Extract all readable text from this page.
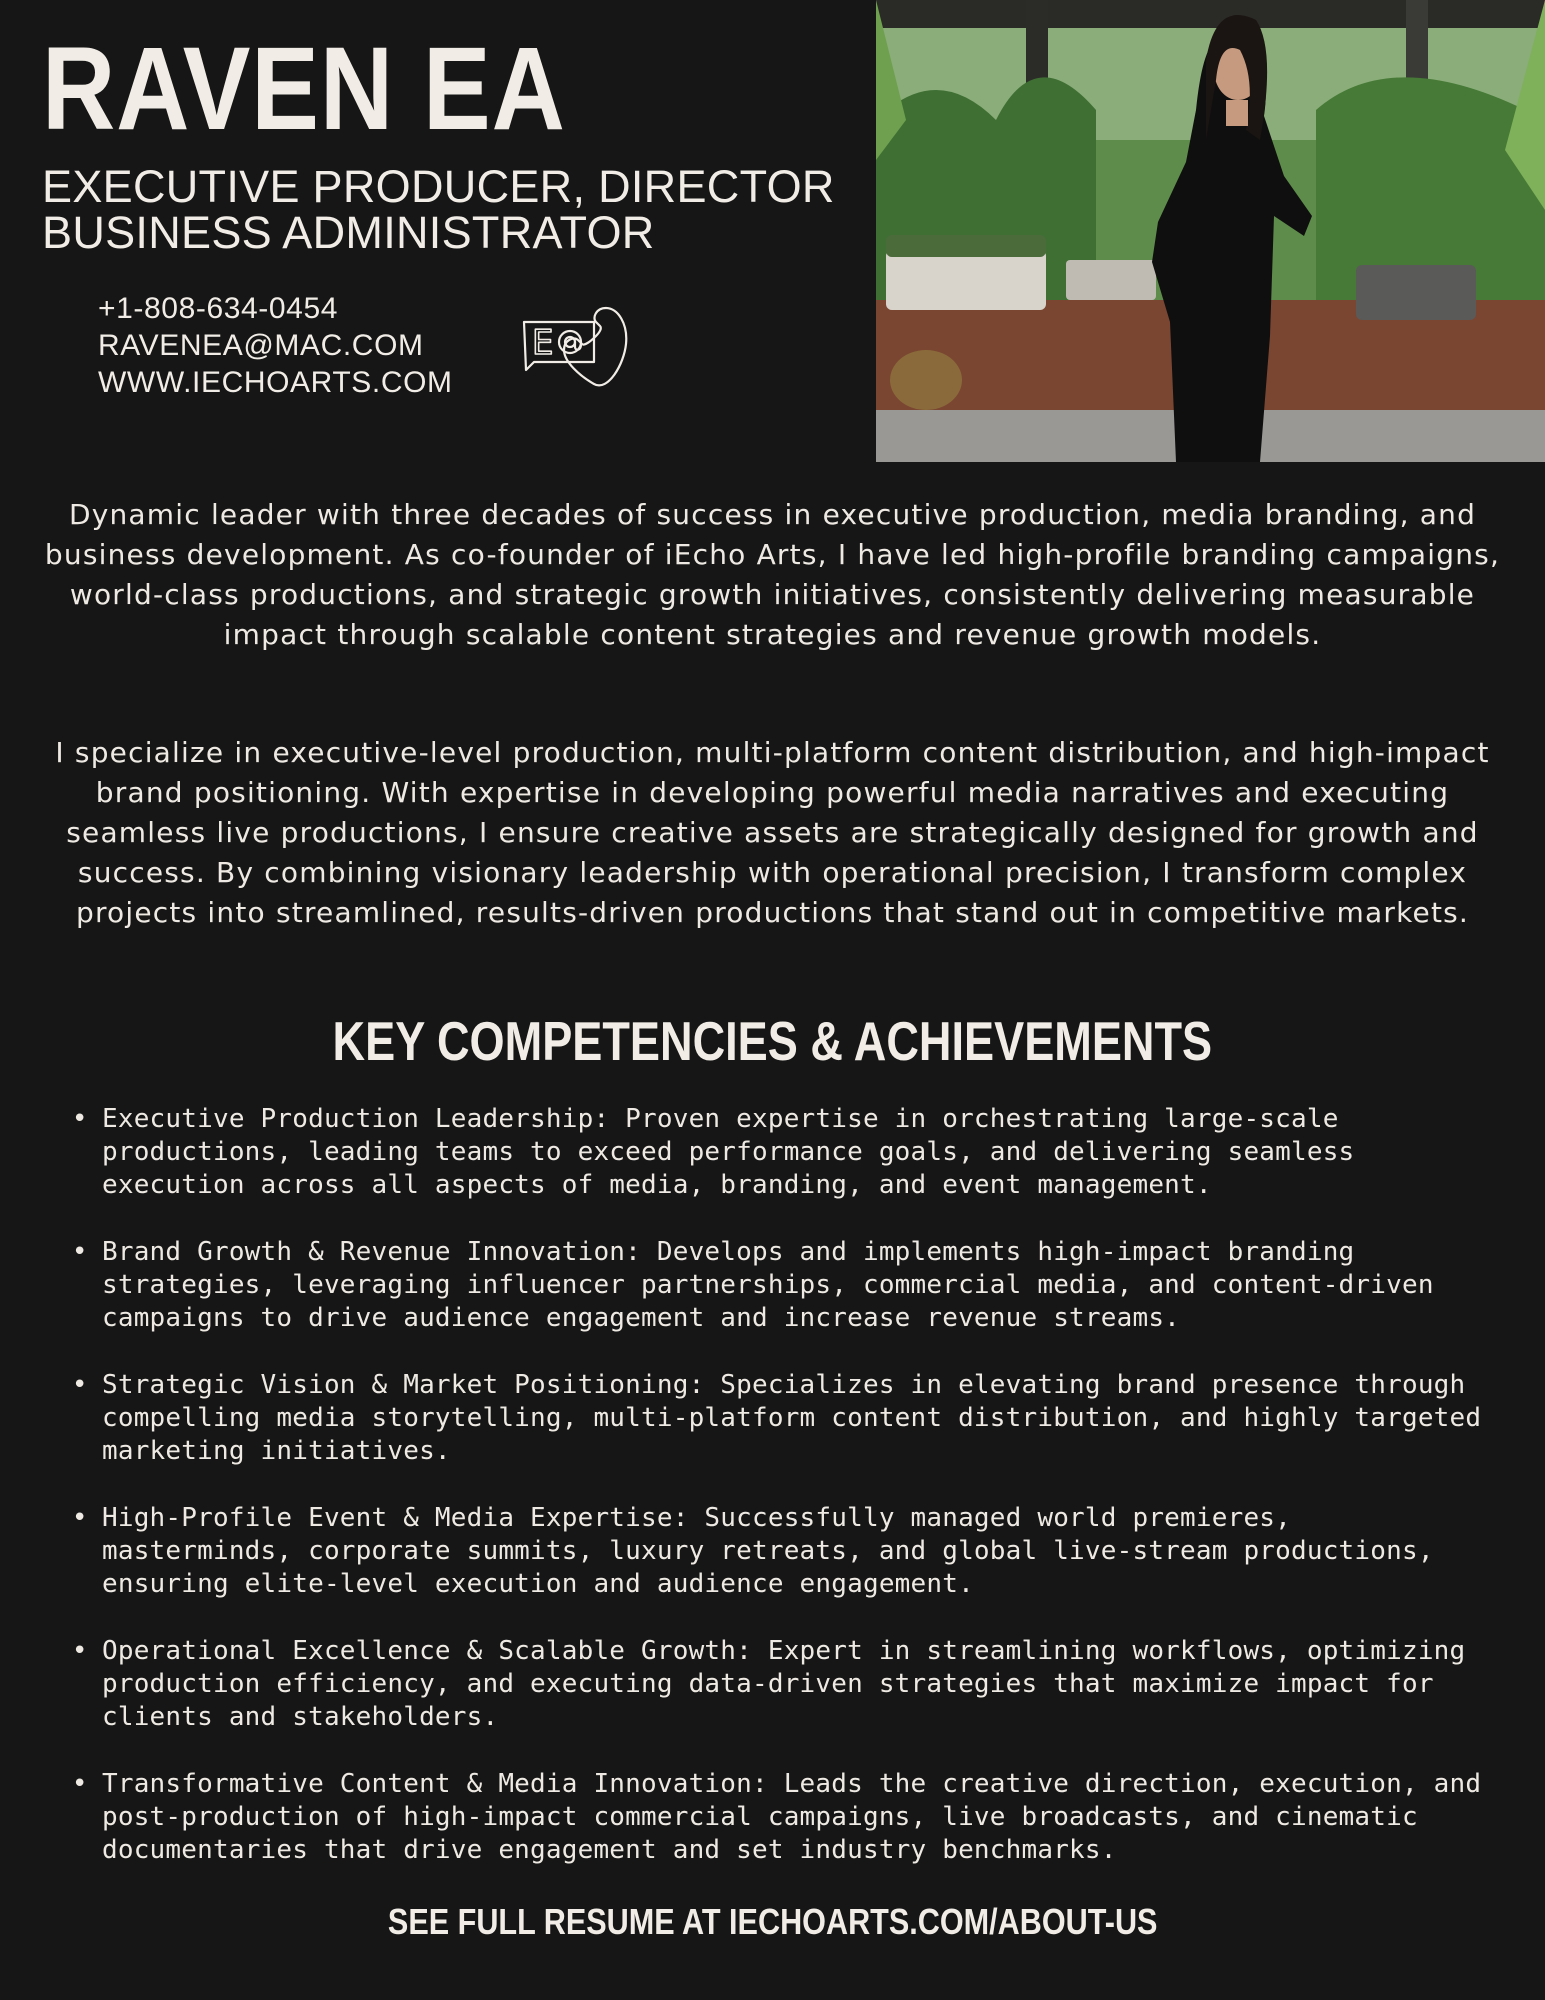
RAVEN EA
EXECUTIVE PRODUCER, DIRECTOR
BUSINESS ADMINISTRATOR
+1-808-634-0454
RAVENEA@MAC.COM
WWW.IECHOARTS.COM
E
Dynamic leader with three decades of success in executive production, media branding, and business development. As co-founder of iEcho Arts, I have led high-profile branding campaigns, world-class productions, and strategic growth initiatives, consistently delivering measurable impact through scalable content strategies and revenue growth models.
I specialize in executive-level production, multi-platform content distribution, and high-impact brand positioning. With expertise in developing powerful media narratives and executing seamless live productions, I ensure creative assets are strategically designed for growth and success. By combining visionary leadership with operational precision, I transform complex projects into streamlined, results-driven productions that stand out in competitive markets.
KEY COMPETENCIES & ACHIEVEMENTS
• Executive Production Leadership: Proven expertise in orchestrating large-scale productions, leading teams to exceed performance goals, and delivering seamless execution across all aspects of media, branding, and event management.
• Brand Growth & Revenue Innovation: Develops and implements high-impact branding strategies, leveraging influencer partnerships, commercial media, and content-driven campaigns to drive audience engagement and increase revenue streams.
• Strategic Vision & Market Positioning: Specializes in elevating brand presence through compelling media storytelling, multi-platform content distribution, and highly targeted marketing initiatives.
• High-Profile Event & Media Expertise: Successfully managed world premieres, masterminds, corporate summits, luxury retreats, and global live-stream productions, ensuring elite-level execution and audience engagement.
• Operational Excellence & Scalable Growth: Expert in streamlining workflows, optimizing production efficiency, and executing data-driven strategies that maximize impact for clients and stakeholders.
• Transformative Content & Media Innovation: Leads the creative direction, execution, and post-production of high-impact commercial campaigns, live broadcasts, and cinematic documentaries that drive engagement and set industry benchmarks.
SEE FULL RESUME AT IECHOARTS.COM/ABOUT-US
